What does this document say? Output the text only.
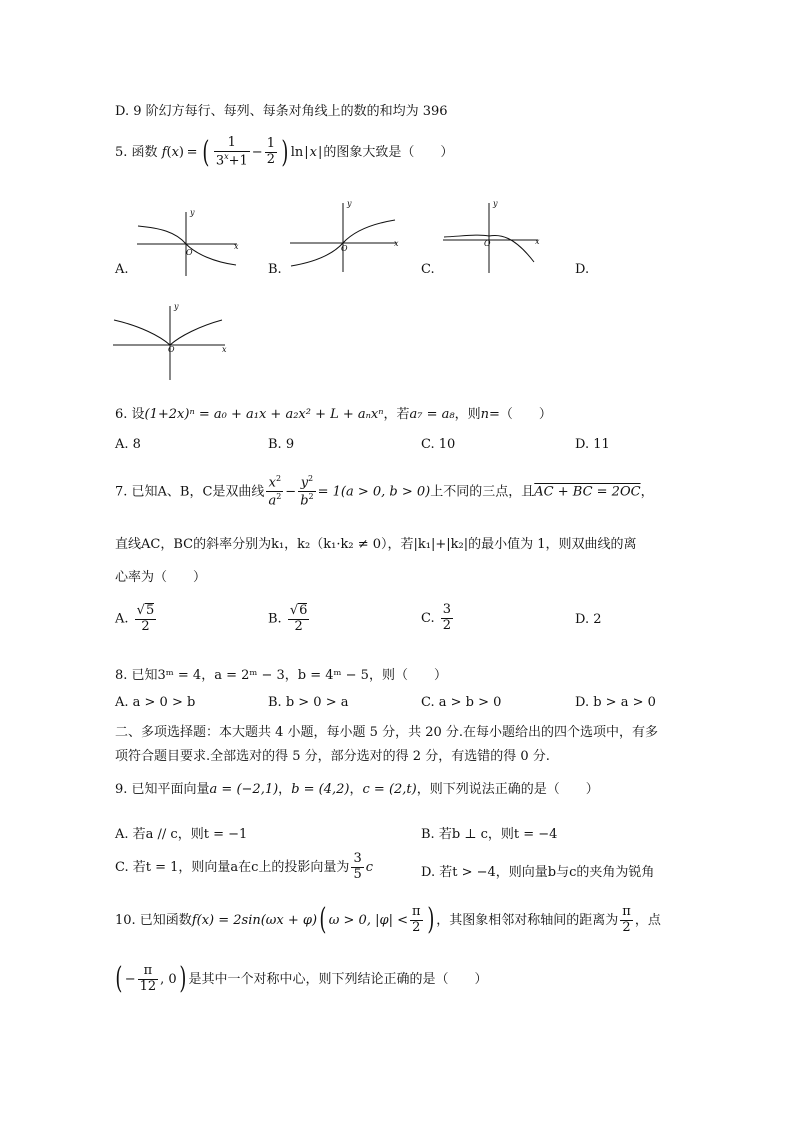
D. 9 阶幻方每行、每列、每条对角线上的数的和均为 396
5. 函数 f(x) = ( $\frac{1}{3^x+1} - \frac{1}{2}$ ) ln|x|的图象大致是（　　）
y
x
O
y
x
O
y
x
O
y
x
O
A.	B.	C.	D.
6. 设(1+2x)ⁿ = a₀ + a₁x + a₂x² + L + aₙxⁿ，若a₇ = a₈，则n=（　　）
A. 8	B. 9	C. 10	D. 11
7. 已知A、B，C是双曲线 $\frac{x^2}{a^2} - \frac{y^2}{b^2} = 1(a > 0$, b > 0)上不同的三点，且AC + BC = 2OC，
直线AC，BC的斜率分别为k₁，k₂（k₁·k₂ ≠ 0），若|k₁|+|k₂|的最小值为 1，则双曲线的离
心率为（　　）
A. $\frac{√5}{2}$	B. $\frac{√6}{2}$	C. $\frac{3}{2}$	D. 2
8. 已知3ᵐ = 4，a = 2ᵐ − 3，b = 4ᵐ − 5，则（　　）
A. a > 0 > b	B. b > 0 > a	C. a > b > 0	D. b > a > 0
二、多项选择题：本大题共 4 小题，每小题 5 分，共 20 分.在每小题给出的四个选项中，有多
项符合题目要求.全部选对的得 5 分，部分选对的得 2 分，有选错的得 0 分.
9. 已知平面向量a = (−2,1)，b = (4,2)，c = (2,t)，则下列说法正确的是（　　）
A. 若a // c，则t = −1	B. 若b ⊥ c，则t = −4
C. 若t = 1，则向量a在c上的投影向量为 $\frac{3}{5}$ c	D. 若t > −4，则向量b与c的夹角为锐角
10. 已知函数f(x) = 2sin(ωx + φ)( ω > 0, $|\varphi| < \frac{\pi}{2}$ ) ，其图象相邻对称轴间的距离为 $\frac{\pi}{2}$ ，点
( − $\frac{\pi}{12}$ , 0) 是其中一个对称中心，则下列结论正确的是（　　）
